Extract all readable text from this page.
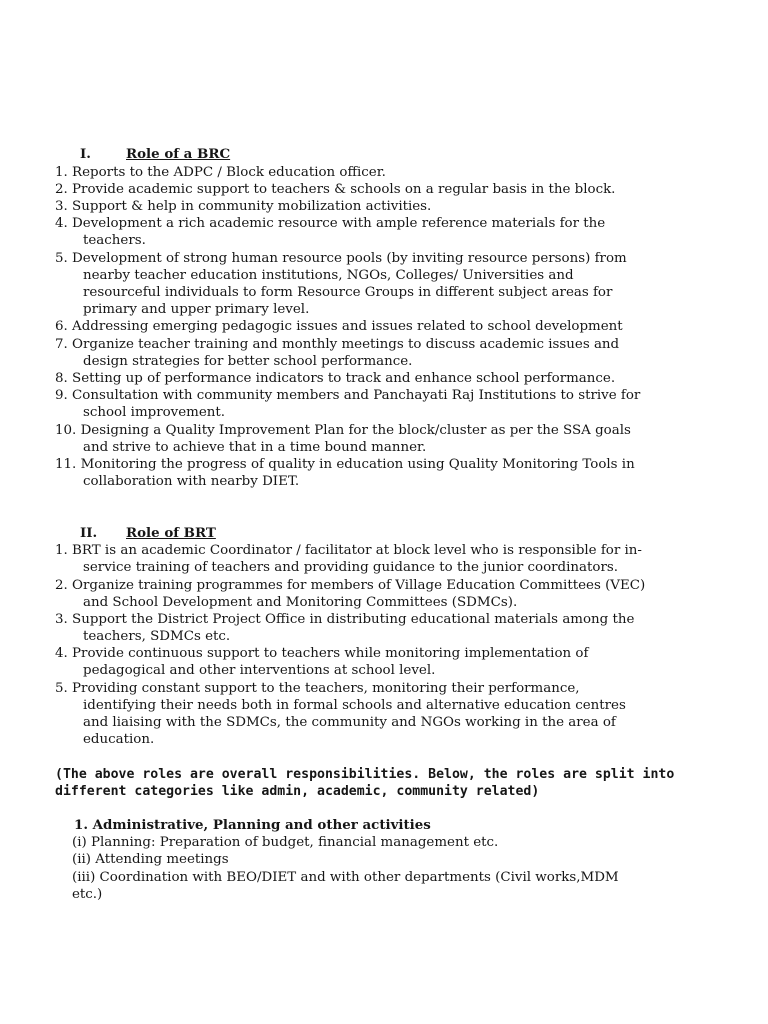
I.	Role of a BRC
1. Reports to the ADPC / Block education officer.
2. Provide academic support to teachers & schools on a regular basis in the block.
3. Support & help in community mobilization activities.
4. Development a rich academic resource with ample reference materials for the
teachers.
5. Development of strong human resource pools (by inviting resource persons) from
nearby teacher education institutions, NGOs, Colleges/ Universities and
resourceful individuals to form Resource Groups in different subject areas for
primary and upper primary level.
6. Addressing emerging pedagogic issues and issues related to school development
7. Organize teacher training and monthly meetings to discuss academic issues and
design strategies for better school performance.
8. Setting up of performance indicators to track and enhance school performance.
9. Consultation with community members and Panchayati Raj Institutions to strive for
school improvement.
10. Designing a Quality Improvement Plan for the block/cluster as per the SSA goals
and strive to achieve that in a time bound manner.
11. Monitoring the progress of quality in education using Quality Monitoring Tools in
collaboration with nearby DIET.
II. Role of BRT
1. BRT is an academic Coordinator / facilitator at block level who is responsible for in-
service training of teachers and providing guidance to the junior coordinators.
2. Organize training programmes for members of Village Education Committees (VEC)
and School Development and Monitoring Committees (SDMCs).
3. Support the District Project Office in distributing educational materials among the
teachers, SDMCs etc.
4. Provide continuous support to teachers while monitoring implementation of
pedagogical and other interventions at school level.
5. Providing constant support to the teachers, monitoring their performance,
identifying their needs both in formal schools and alternative education centres
and liaising with the SDMCs, the community and NGOs working in the area of
education.
(The above roles are overall responsibilities. Below, the roles are split into
different categories like admin, academic, community related)
1. Administrative, Planning and other activities
(i) Planning: Preparation of budget, financial management etc.
(ii) Attending meetings
(iii) Coordination with BEO/DIET and with other departments (Civil works,MDM
etc.)
